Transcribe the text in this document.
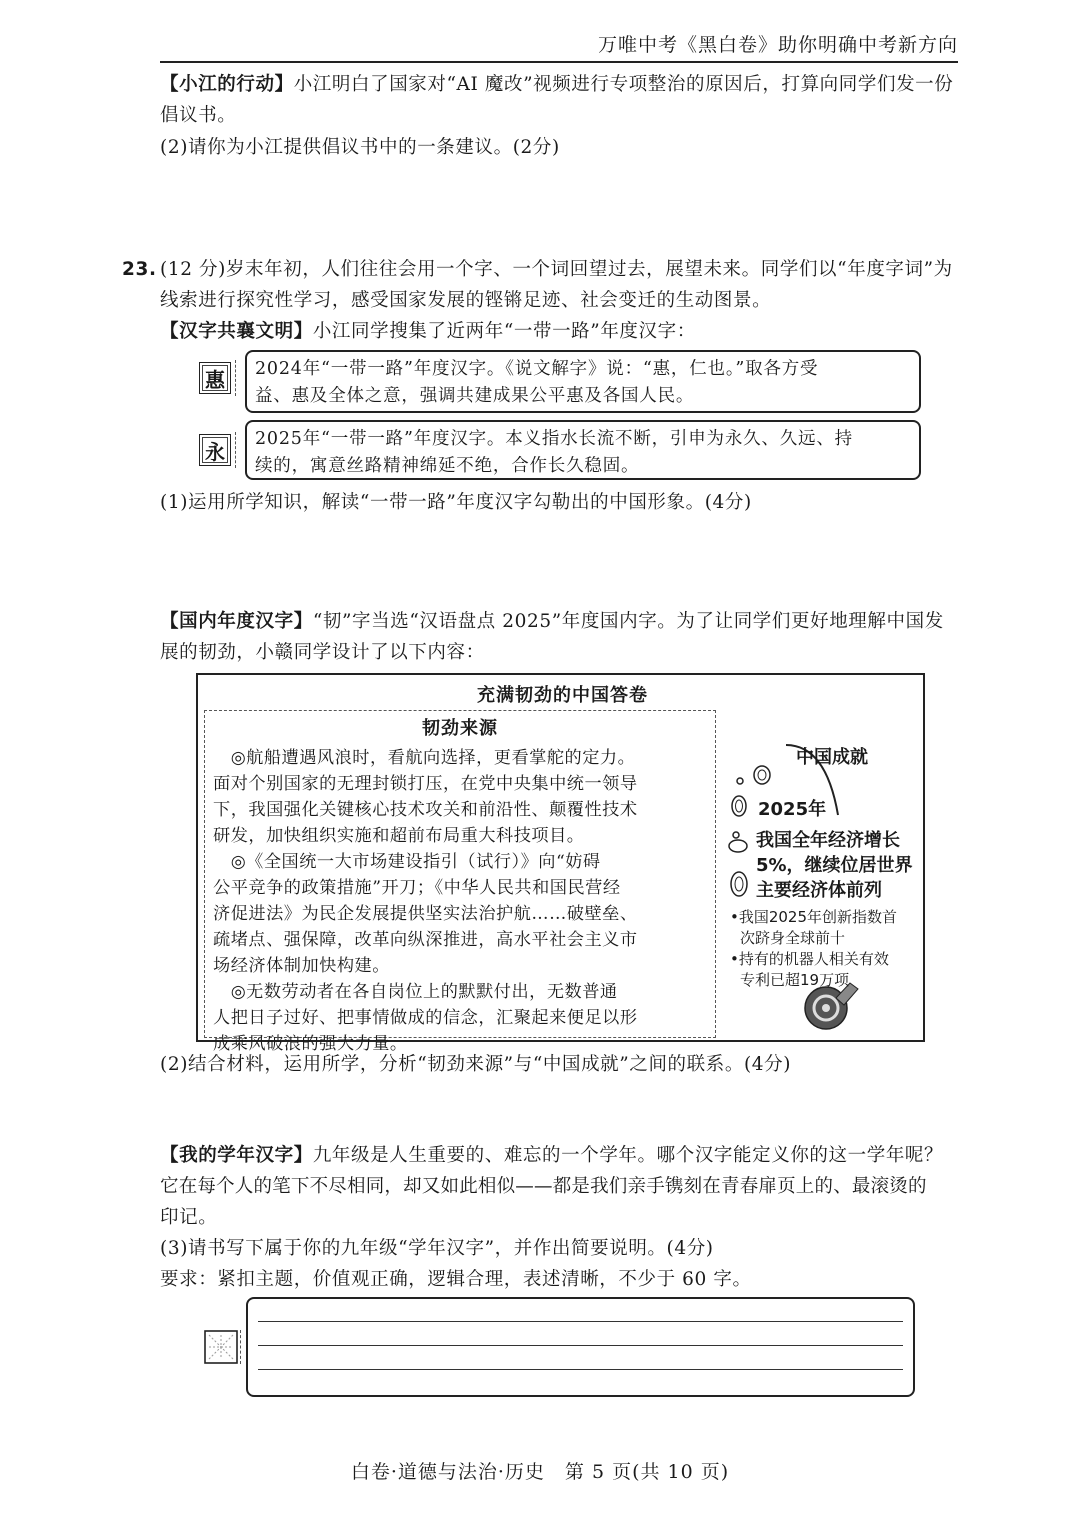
万唯中考《黑白卷》助你明确中考新方向
【小江的行动】小江明白了国家对“AI 魔改”视频进行专项整治的原因后，打算向同学们发一份
倡议书。
(2)请你为小江提供倡议书中的一条建议。(2分)
23. (12 分)岁末年初，人们往往会用一个字、一个词回望过去，展望未来。同学们以“年度字词”为
线索进行探究性学习，感受国家发展的铿锵足迹、社会变迁的生动图景。
【汉字共襄文明】小江同学搜集了近两年“一带一路”年度汉字：
惠 2024年“一带一路”年度汉字。《说文解字》说：“惠，仁也。”取各方受
益、惠及全体之意，强调共建成果公平惠及各国人民。
永
2025年“一带一路”年度汉字。本义指水长流不断，引申为永久、久远、持
续的，寓意丝路精神绵延不绝，合作长久稳固。
(1)运用所学知识，解读“一带一路”年度汉字勾勒出的中国形象。(4分)
【国内年度汉字】“韧”字当选“汉语盘点 2025”年度国内字。为了让同学们更好地理解中国发
展的韧劲，小赣同学设计了以下内容：
充满韧劲的中国答卷
韧劲来源
　◎航船遭遇风浪时，看航向选择，更看掌舵的定力。
面对个别国家的无理封锁打压，在党中央集中统一领导
下，我国强化关键核心技术攻关和前沿性、颠覆性技术
研发，加快组织实施和超前布局重大科技项目。
　◎《全国统一大市场建设指引（试行）》向“妨碍
公平竞争的政策措施”开刀；《中华人民共和国民营经
济促进法》为民企发展提供坚实法治护航……破壁垒、
疏堵点、强保障，改革向纵深推进，高水平社会主义市
场经济体制加快构建。
　◎无数劳动者在各自岗位上的默默付出，无数普通
人把日子过好、把事情做成的信念，汇聚起来便足以形
成乘风破浪的强大力量。
中国成就
2025年
我国全年经济增长
5%，继续位居世界
主要经济体前列
•我国2025年创新指数首
次跻身全球前十
•持有的机器人相关有效
专利已超19万项
(2)结合材料，运用所学，分析“韧劲来源”与“中国成就”之间的联系。(4分)
【我的学年汉字】九年级是人生重要的、难忘的一个学年。哪个汉字能定义你的这一学年呢？
它在每个人的笔下不尽相同，却又如此相似——都是我们亲手镌刻在青春扉页上的、最滚烫的
印记。
(3)请书写下属于你的九年级“学年汉字”，并作出简要说明。(4分)
要求：紧扣主题，价值观正确，逻辑合理，表述清晰，不少于 60 字。
白卷·道德与法治·历史　第 5 页(共 10 页)
